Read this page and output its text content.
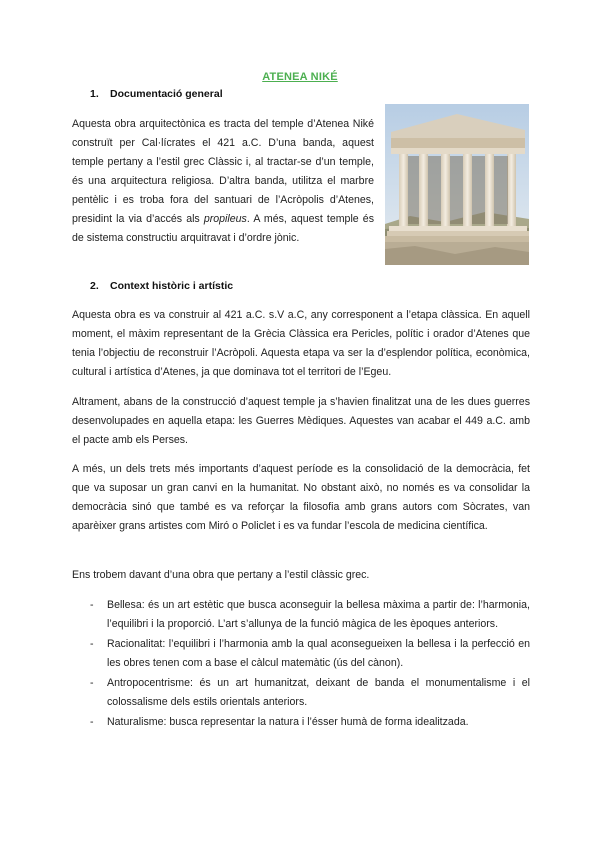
ATENEA NIKÉ
1. Documentació general

Aquesta obra arquitectònica es tracta del temple d’Atenea Niké construït per Cal·lícrates el 421 a.C. D’una banda, aquest temple pertany a l’estil grec Clàssic i, al tractar-se d’un temple, és una arquitectura religiosa. D’altra banda, utilitza el marbre pentèlic i es troba fora del santuari de l’Acròpolis d’Atenes, presidint la via d’accés als propileus. A més, aquest temple és de sistema constructiu arquitravat i d’ordre jònic.

2. Context històric i artístic

Aquesta obra es va construir al 421 a.C. s.V a.C, any corresponent a l’etapa clàssica. En aquell moment, el màxim representant de la Grècia Clàssica era Pericles, polític i orador d’Atenes que tenia l’objectiu de reconstruir l’Acròpoli. Aquesta etapa va ser la d’esplendor política, econòmica, cultural i artística d’Atenes, ja que dominava tot el territori de l’Egeu.

Altrament, abans de la construcció d’aquest temple ja s’havien finalitzat una de les dues guerres desenvolupades en aquella etapa: les Guerres Mèdiques. Aquestes van acabar el 449 a.C. amb el pacte amb els Perses.

A més, un dels trets més importants d’aquest període es la consolidació de la democràcia, fet que va suposar un gran canvi en la humanitat. No obstant això, no només es va consolidar la democràcia sinó que també es va reforçar la filosofia amb grans autors com Sòcrates, van aparèixer grans artistes com Miró o Policlet i es va fundar l’escola de medicina científica.

Ens trobem davant d’una obra que pertany a l’estil clàssic grec.

- Bellesa: és un art estètic que busca aconseguir la bellesa màxima a partir de: l’harmonia, l’equilibri i la proporció. L’art s’allunya de la funció màgica de les èpoques anteriors.
- Racionalitat: l’equilibri i l’harmonia amb la qual aconsegueixen la bellesa i la perfecció en les obres tenen com a base el càlcul matemàtic (ús del cànon).
- Antropocentrisme: és un art humanitzat, deixant de banda el monumentalisme i el colossalisme dels estils orientals anteriors.
- Naturalisme: busca representar la natura i l’ésser humà de forma idealitzada.
